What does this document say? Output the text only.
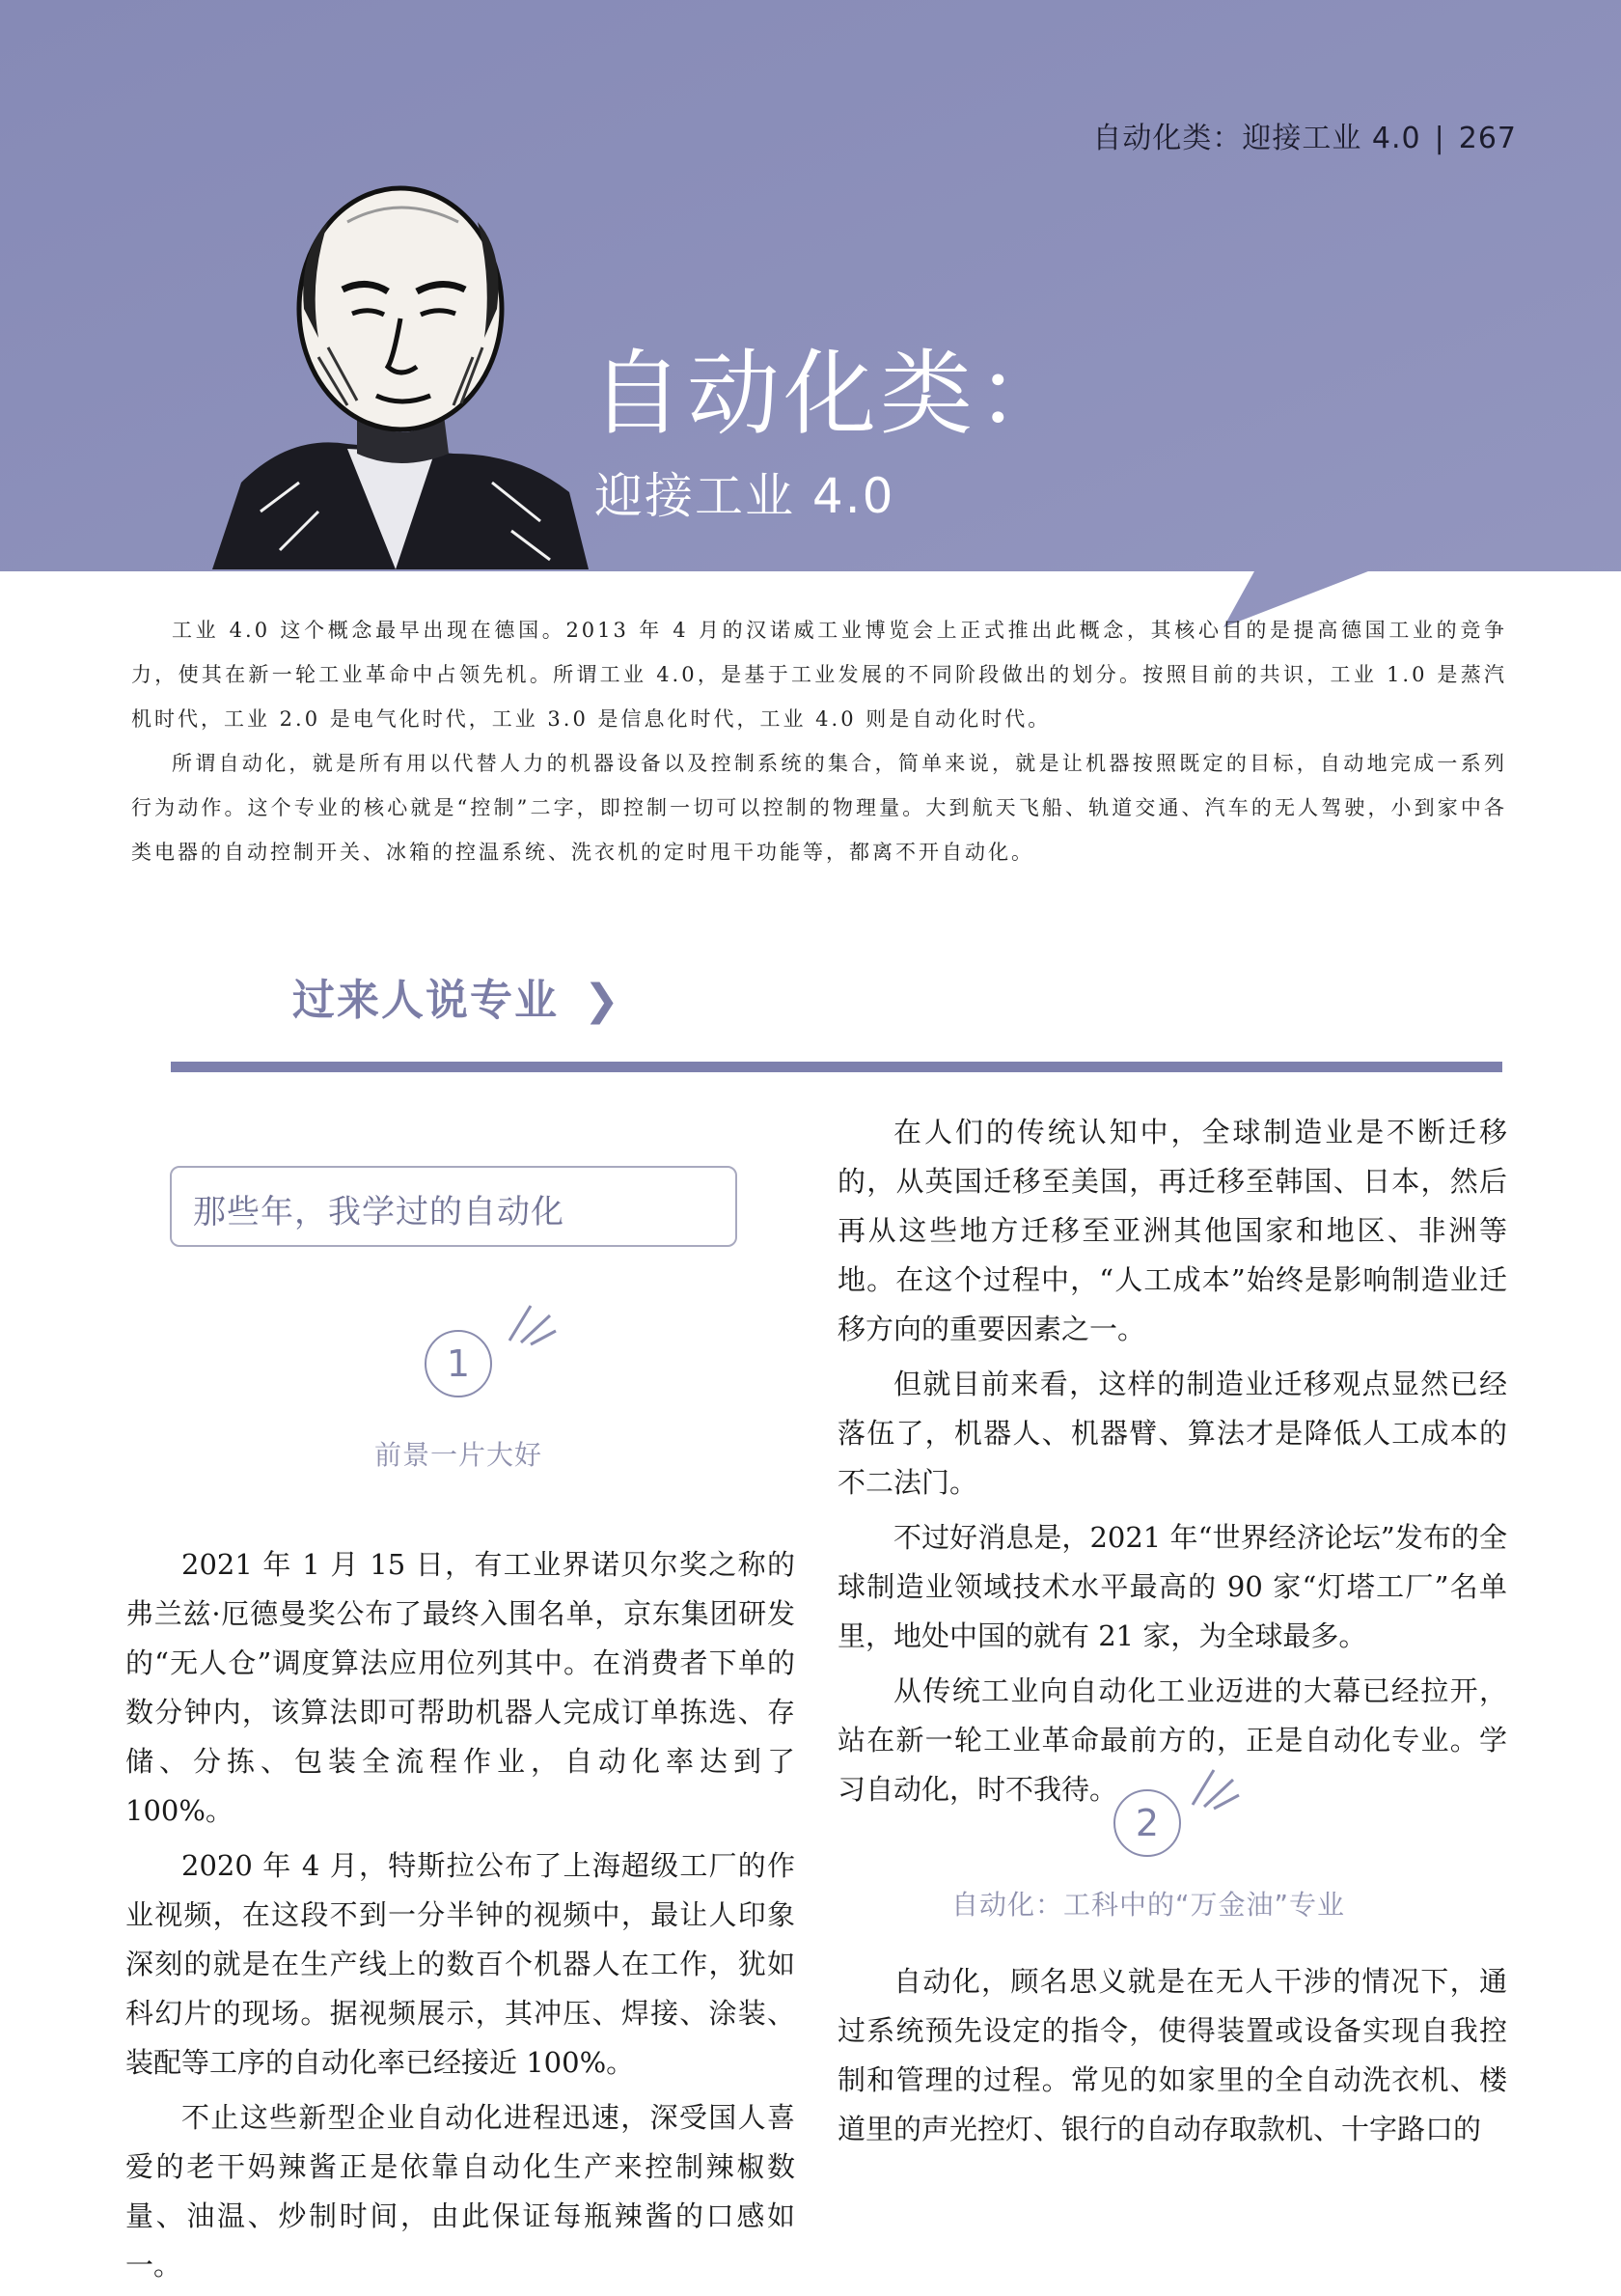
自动化类：迎接工业 4.0 | 267
自动化类：
迎接工业 4.0

工业 4.0 这个概念最早出现在德国。2013 年 4 月的汉诺威工业博览会上正式推出此概念，其核心目的是提高德国工业的竞争力，使其在新一轮工业革命中占领先机。所谓工业 4.0，是基于工业发展的不同阶段做出的划分。按照目前的共识，工业 1.0 是蒸汽机时代，工业 2.0 是电气化时代，工业 3.0 是信息化时代，工业 4.0 则是自动化时代。

所谓自动化，就是所有用以代替人力的机器设备以及控制系统的集合，简单来说，就是让机器按照既定的目标，自动地完成一系列行为动作。这个专业的核心就是“控制”二字，即控制一切可以控制的物理量。大到航天飞船、轨道交通、汽车的无人驾驶，小到家中各类电器的自动控制开关、冰箱的控温系统、洗衣机的定时甩干功能等，都离不开自动化。

过来人说专业 ❯
那些年，我学过的自动化
1
前景一片大好

2021 年 1 月 15 日，有工业界诺贝尔奖之称的弗兰兹·厄德曼奖公布了最终入围名单，京东集团研发的“无人仓”调度算法应用位列其中。在消费者下单的数分钟内，该算法即可帮助机器人完成订单拣选、存储、分拣、包装全流程作业，自动化率达到了 100%。

2020 年 4 月，特斯拉公布了上海超级工厂的作业视频，在这段不到一分半钟的视频中，最让人印象深刻的就是在生产线上的数百个机器人在工作，犹如科幻片的现场。据视频展示，其冲压、焊接、涂装、装配等工序的自动化率已经接近 100%。

不止这些新型企业自动化进程迅速，深受国人喜爱的老干妈辣酱正是依靠自动化生产来控制辣椒数量、油温、炒制时间，由此保证每瓶辣酱的口感如一。

在人们的传统认知中，全球制造业是不断迁移的，从英国迁移至美国，再迁移至韩国、日本，然后再从这些地方迁移至亚洲其他国家和地区、非洲等地。在这个过程中，“人工成本”始终是影响制造业迁移方向的重要因素之一。

但就目前来看，这样的制造业迁移观点显然已经落伍了，机器人、机器臂、算法才是降低人工成本的不二法门。

不过好消息是，2021 年“世界经济论坛”发布的全球制造业领域技术水平最高的 90 家“灯塔工厂”名单里，地处中国的就有 21 家，为全球最多。

从传统工业向自动化工业迈进的大幕已经拉开，站在新一轮工业革命最前方的，正是自动化专业。学习自动化，时不我待。

2
自动化：工科中的“万金油”专业

自动化，顾名思义就是在无人干涉的情况下，通过系统预先设定的指令，使得装置或设备实现自我控制和管理的过程。常见的如家里的全自动洗衣机、楼道里的声光控灯、银行的自动存取款机、十字路口的
